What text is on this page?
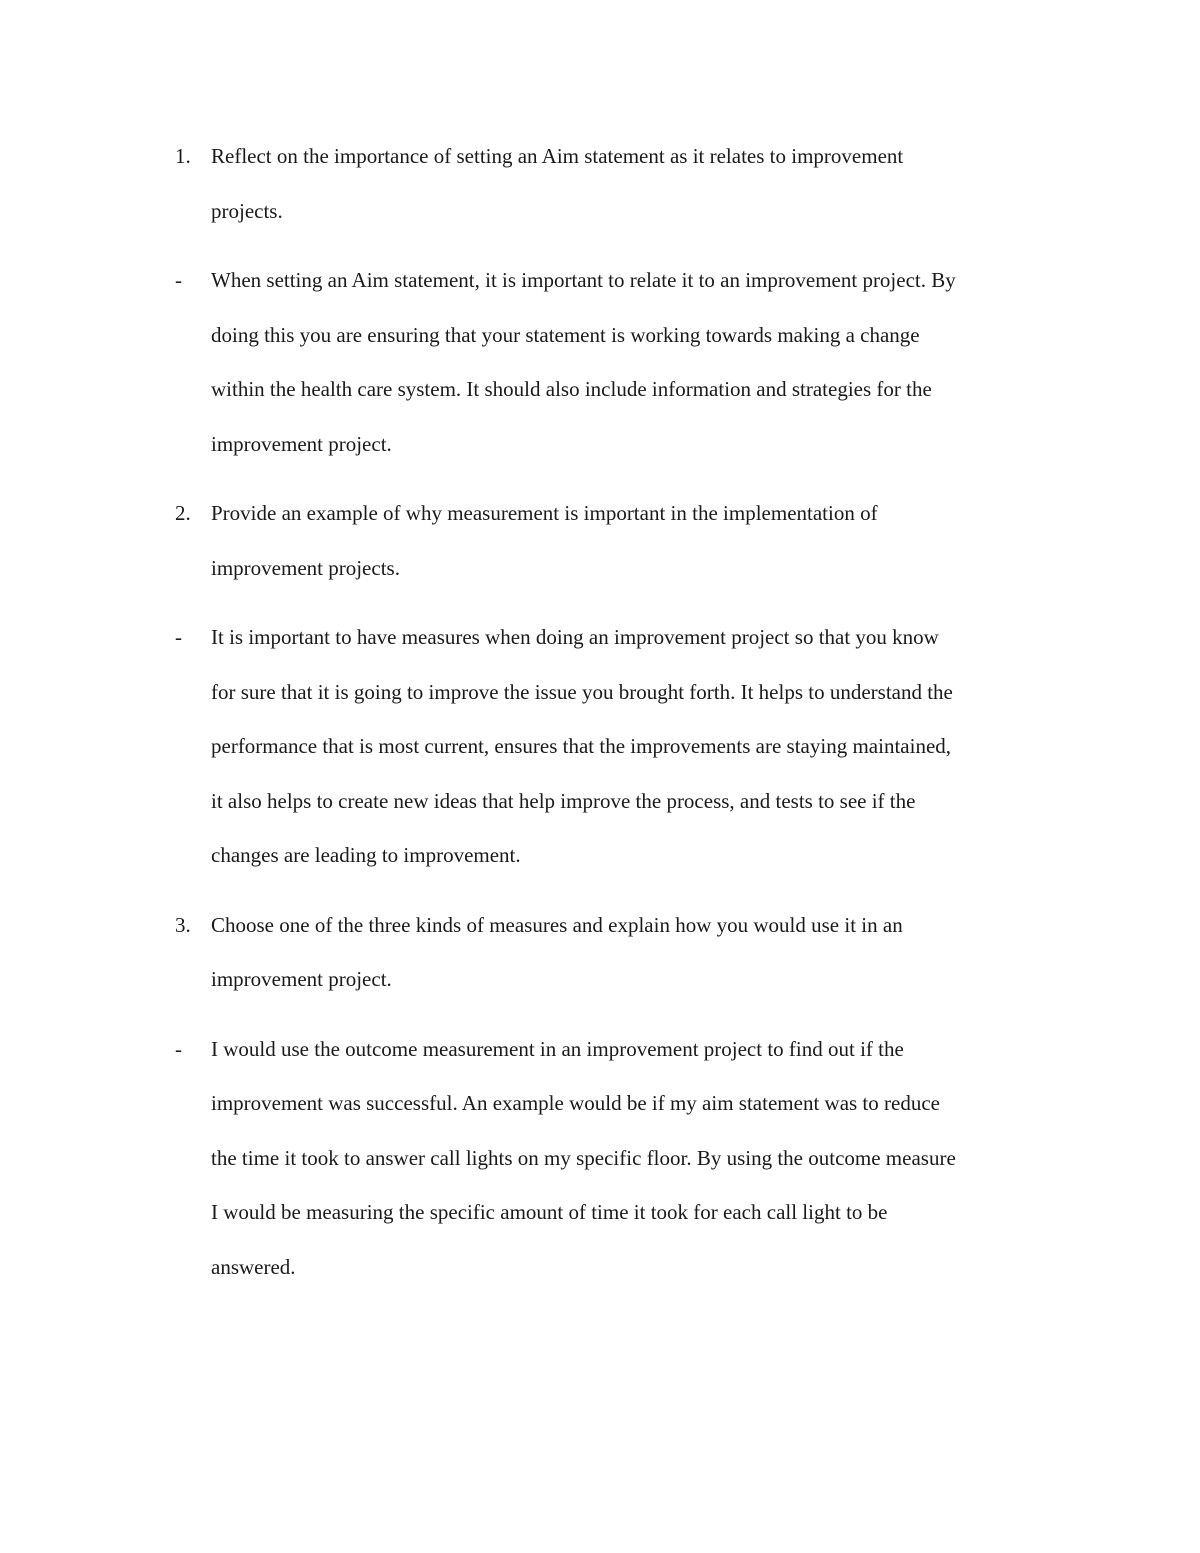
1. Reflect on the importance of setting an Aim statement as it relates to improvement
projects.
- When setting an Aim statement, it is important to relate it to an improvement project. By
doing this you are ensuring that your statement is working towards making a change
within the health care system. It should also include information and strategies for the
improvement project.
2. Provide an example of why measurement is important in the implementation of
improvement projects.
- It is important to have measures when doing an improvement project so that you know
for sure that it is going to improve the issue you brought forth. It helps to understand the
performance that is most current, ensures that the improvements are staying maintained,
it also helps to create new ideas that help improve the process, and tests to see if the
changes are leading to improvement.
3. Choose one of the three kinds of measures and explain how you would use it in an
improvement project.
- I would use the outcome measurement in an improvement project to find out if the
improvement was successful. An example would be if my aim statement was to reduce
the time it took to answer call lights on my specific floor. By using the outcome measure
I would be measuring the specific amount of time it took for each call light to be
answered.
